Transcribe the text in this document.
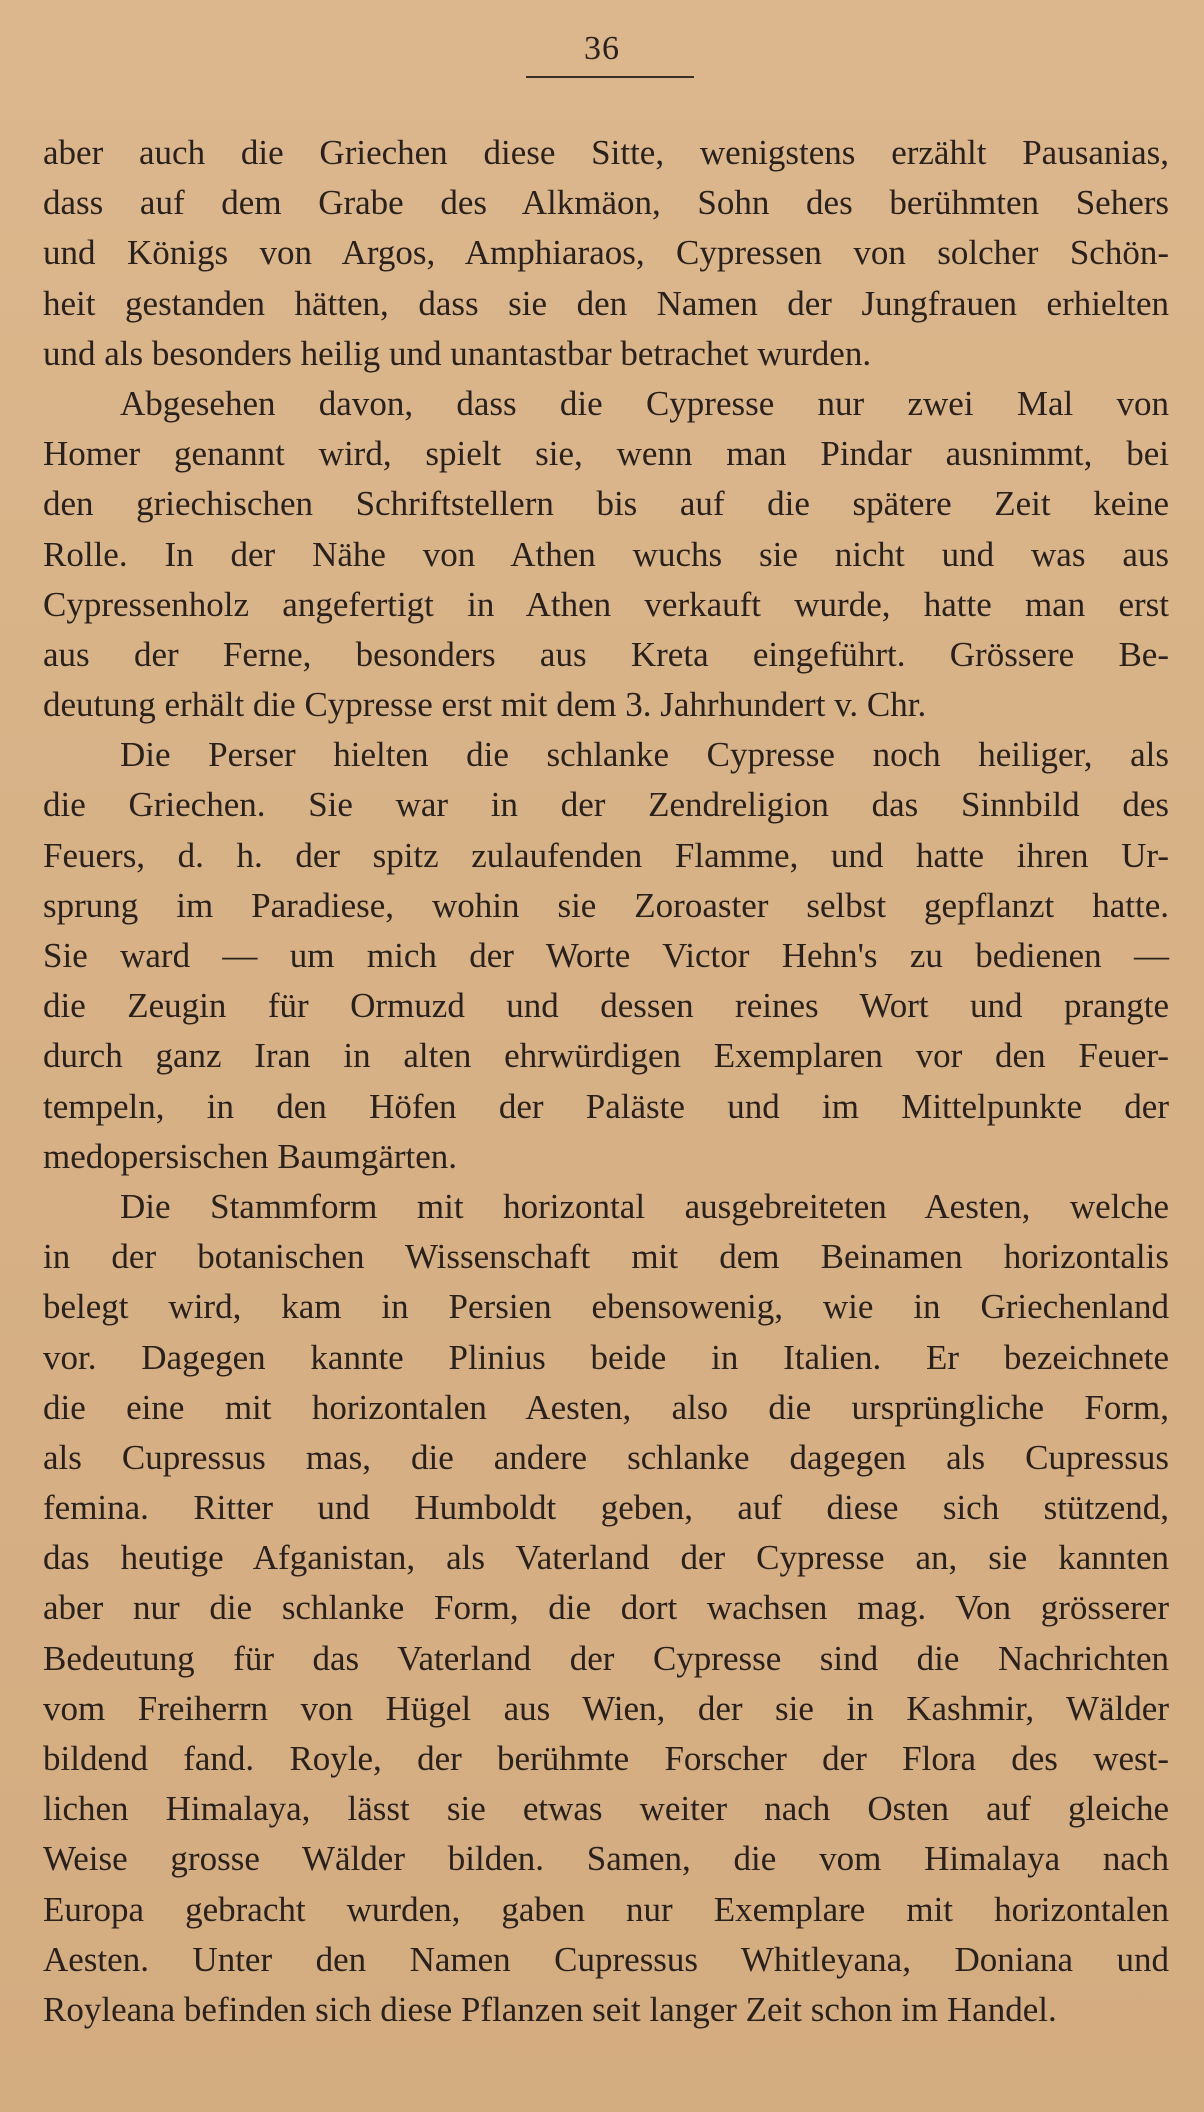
36
aber auch die Griechen diese Sitte, wenigstens erzählt Pausanias,
dass auf dem Grabe des Alkmäon, Sohn des berühmten Sehers
und Königs von Argos, Amphiaraos, Cypressen von solcher Schön-
heit gestanden hätten, dass sie den Namen der Jungfrauen erhielten
und als besonders heilig und unantastbar betrachet wurden.
Abgesehen davon, dass die Cypresse nur zwei Mal von
Homer genannt wird, spielt sie, wenn man Pindar ausnimmt, bei
den griechischen Schriftstellern bis auf die spätere Zeit keine
Rolle. In der Nähe von Athen wuchs sie nicht und was aus
Cypressenholz angefertigt in Athen verkauft wurde, hatte man erst
aus der Ferne, besonders aus Kreta eingeführt. Grössere Be-
deutung erhält die Cypresse erst mit dem 3. Jahrhundert v. Chr.
Die Perser hielten die schlanke Cypresse noch heiliger, als
die Griechen. Sie war in der Zendreligion das Sinnbild des
Feuers, d. h. der spitz zulaufenden Flamme, und hatte ihren Ur-
sprung im Paradiese, wohin sie Zoroaster selbst gepflanzt hatte.
Sie ward — um mich der Worte Victor Hehn's zu bedienen —
die Zeugin für Ormuzd und dessen reines Wort und prangte
durch ganz Iran in alten ehrwürdigen Exemplaren vor den Feuer-
tempeln, in den Höfen der Paläste und im Mittelpunkte der
medopersischen Baumgärten.
Die Stammform mit horizontal ausgebreiteten Aesten, welche
in der botanischen Wissenschaft mit dem Beinamen horizontalis
belegt wird, kam in Persien ebensowenig, wie in Griechenland
vor. Dagegen kannte Plinius beide in Italien. Er bezeichnete
die eine mit horizontalen Aesten, also die ursprüngliche Form,
als Cupressus mas, die andere schlanke dagegen als Cupressus
femina. Ritter und Humboldt geben, auf diese sich stützend,
das heutige Afganistan, als Vaterland der Cypresse an, sie kannten
aber nur die schlanke Form, die dort wachsen mag. Von grösserer
Bedeutung für das Vaterland der Cypresse sind die Nachrichten
vom Freiherrn von Hügel aus Wien, der sie in Kashmir, Wälder
bildend fand. Royle, der berühmte Forscher der Flora des west-
lichen Himalaya, lässt sie etwas weiter nach Osten auf gleiche
Weise grosse Wälder bilden. Samen, die vom Himalaya nach
Europa gebracht wurden, gaben nur Exemplare mit horizontalen
Aesten. Unter den Namen Cupressus Whitleyana, Doniana und
Royleana befinden sich diese Pflanzen seit langer Zeit schon im Handel.
